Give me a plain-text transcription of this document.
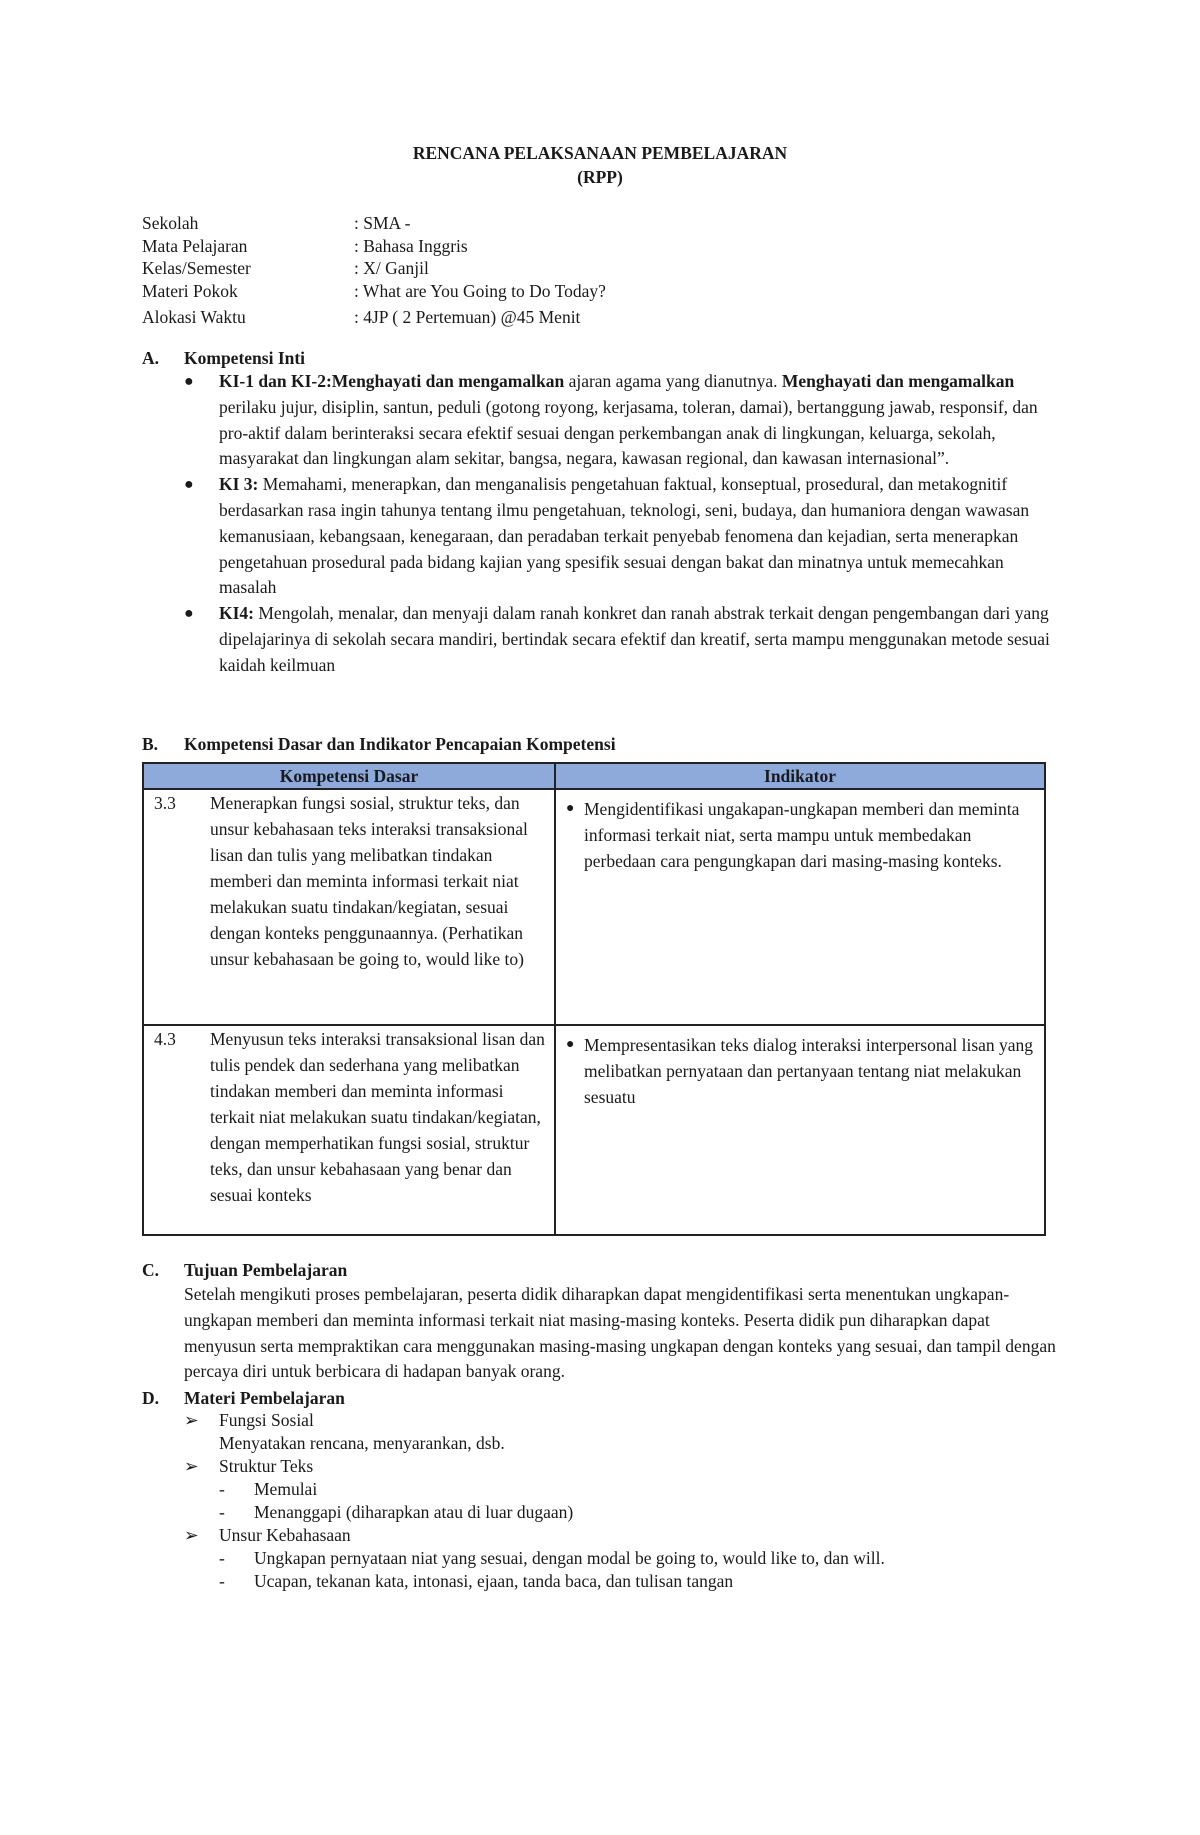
RENCANA PELAKSANAAN PEMBELAJARAN
(RPP)
Sekolah	: SMA -
Mata Pelajaran	: Bahasa Inggris
Kelas/Semester	: X/ Ganjil
Materi Pokok	: What are You Going to Do Today?
Alokasi Waktu	: 4JP ( 2 Pertemuan) @45 Menit
A.	Kompetensi Inti
● KI-1 dan KI-2:Menghayati dan mengamalkan ajaran agama yang dianutnya. Menghayati dan mengamalkan perilaku jujur, disiplin, santun, peduli (gotong royong, kerjasama, toleran, damai), bertanggung jawab, responsif, dan pro-aktif dalam berinteraksi secara efektif sesuai dengan perkembangan anak di lingkungan, keluarga, sekolah, masyarakat dan lingkungan alam sekitar, bangsa, negara, kawasan regional, dan kawasan internasional”.
● KI 3: Memahami, menerapkan, dan menganalisis pengetahuan faktual, konseptual, prosedural, dan metakognitif berdasarkan rasa ingin tahunya tentang ilmu pengetahuan, teknologi, seni, budaya, dan humaniora dengan wawasan kemanusiaan, kebangsaan, kenegaraan, dan peradaban terkait penyebab fenomena dan kejadian, serta menerapkan pengetahuan prosedural pada bidang kajian yang spesifik sesuai dengan bakat dan minatnya untuk memecahkan masalah
● KI4: Mengolah, menalar, dan menyaji dalam ranah konkret dan ranah abstrak terkait dengan pengembangan dari yang dipelajarinya di sekolah secara mandiri, bertindak secara efektif dan kreatif, serta mampu menggunakan metode sesuai kaidah keilmuan
B.	Kompetensi Dasar dan Indikator Pencapaian Kompetensi
Kompetensi Dasar	Indikator

3.3 Menerapkan fungsi sosial, struktur teks, dan unsur kebahasaan teks interaksi transaksional lisan dan tulis yang melibatkan tindakan memberi dan meminta informasi terkait niat melakukan suatu tindakan/kegiatan, sesuai dengan konteks penggunaannya. (Perhatikan unsur kebahasaan be going to, would like to)	● Mengidentifikasi ungakapan-ungkapan memberi dan meminta informasi terkait niat, serta mampu untuk membedakan perbedaan cara pengungkapan dari masing-masing konteks.

4.3 Menyusun teks interaksi transaksional lisan dan tulis pendek dan sederhana yang melibatkan tindakan memberi dan meminta informasi terkait niat melakukan suatu tindakan/kegiatan, dengan memperhatikan fungsi sosial, struktur teks, dan unsur kebahasaan yang benar dan sesuai konteks	● Mempresentasikan teks dialog interaksi interpersonal lisan yang melibatkan pernyataan dan pertanyaan tentang niat melakukan sesuatu
C.	Tujuan Pembelajaran
Setelah mengikuti proses pembelajaran, peserta didik diharapkan dapat mengidentifikasi serta menentukan ungkapan-ungkapan memberi dan meminta informasi terkait niat masing-masing konteks. Peserta didik pun diharapkan dapat menyusun serta mempraktikan cara menggunakan masing-masing ungkapan dengan konteks yang sesuai, dan tampil dengan percaya diri untuk berbicara di hadapan banyak orang.
D.	Materi Pembelajaran
➢ Fungsi Sosial
Menyatakan rencana, menyarankan, dsb.
➢ Struktur Teks
- Memulai
- Menanggapi (diharapkan atau di luar dugaan)
➢ Unsur Kebahasaan
- Ungkapan pernyataan niat yang sesuai, dengan modal be going to, would like to, dan will.
- Ucapan, tekanan kata, intonasi, ejaan, tanda baca, dan tulisan tangan
